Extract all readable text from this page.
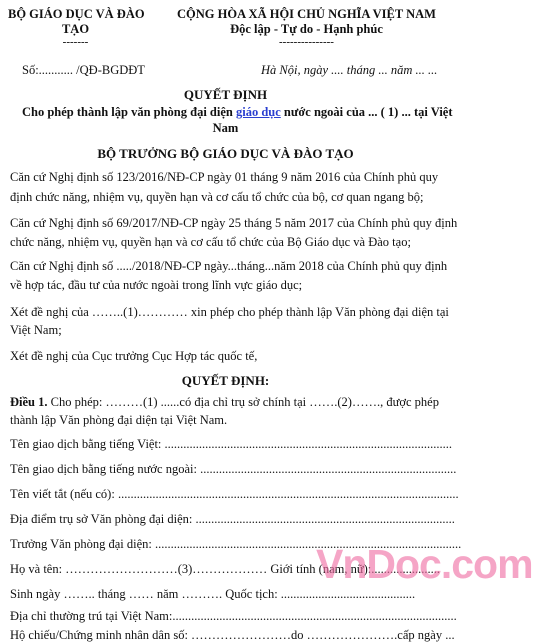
BỘ GIÁO DỤC VÀ ĐÀO
TẠO
-------
CỘNG HÒA XÃ HỘI CHỦ NGHĨA VIỆT NAM
Độc lập - Tự do - Hạnh phúc
---------------
Số:........... /QĐ-BGDĐT	Hà Nội, ngày .... tháng ... năm ... ...
QUYẾT ĐỊNH
Cho phép thành lập văn phòng đại diện giáo dục nước ngoài của ... ( 1) ... tại Việt
Nam
BỘ TRƯỞNG BỘ GIÁO DỤC VÀ ĐÀO TẠO
Căn cứ Nghị định số 123/2016/NĐ-CP ngày 01 tháng 9 năm 2016 của Chính phủ quy
định chức năng, nhiệm vụ, quyền hạn và cơ cấu tổ chức của bộ, cơ quan ngang bộ;
Căn cứ Nghị định số 69/2017/NĐ-CP ngày 25 tháng 5 năm 2017 của Chính phủ quy định
chức năng, nhiệm vụ, quyền hạn và cơ cấu tổ chức của Bộ Giáo dục và Đào tạo;
Căn cứ Nghị định số ...../2018/NĐ-CP ngày...tháng...năm 2018 của Chính phủ quy định
về hợp tác, đầu tư của nước ngoài trong lĩnh vực giáo dục;
Xét đề nghị của ……..(1)………… xin phép cho phép thành lập Văn phòng đại diện tại
Việt Nam;
Xét đề nghị của Cục trưởng Cục Hợp tác quốc tế,
QUYẾT ĐỊNH:
Điều 1. Cho phép: ………(1) ......có địa chỉ trụ sở chính tại …….(2)……., được phép
thành lập Văn phòng đại diện tại Việt Nam.
Tên giao dịch bằng tiếng Việt: ............................................................................................
Tên giao dịch bằng tiếng nước ngoài: ..................................................................................
Tên viết tắt (nếu có): .............................................................................................................
Địa điểm trụ sở Văn phòng đại diện: ...................................................................................
Trưởng Văn phòng đại diện: ..................................................................................................
Họ và tên: ………………………(3)……………… Giới tính (nam, nữ):......................
Sinh ngày …….. tháng …… năm ………. Quốc tịch: ...........................................
Địa chỉ thường trú tại Việt Nam:...........................................................................................
Hộ chiếu/Chứng minh nhân dân số: ……………………do ………………….cấp ngày ...
VnDoc.com
